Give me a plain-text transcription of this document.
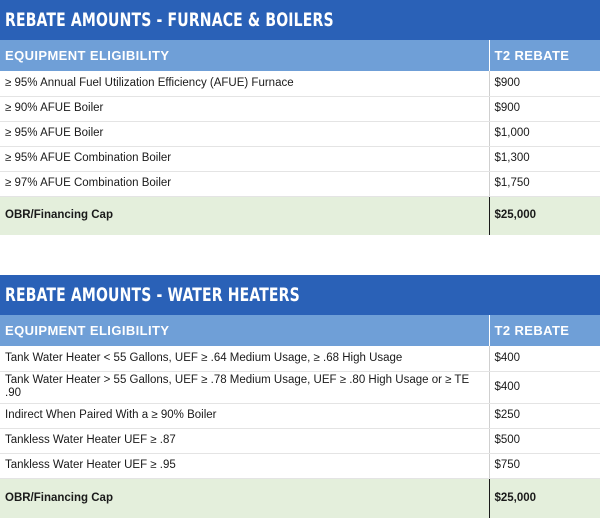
REBATE AMOUNTS - FURNACE & BOILERS
EQUIPMENT ELIGIBILITY	T2 REBATE
≥ 95% Annual Fuel Utilization Efficiency (AFUE) Furnace	$900
≥ 90% AFUE Boiler	$900
≥ 95% AFUE Boiler	$1,000
≥ 95% AFUE Combination Boiler	$1,300
≥ 97% AFUE Combination Boiler	$1,750
OBR/Financing Cap	$25,000
REBATE AMOUNTS - WATER HEATERS
EQUIPMENT ELIGIBILITY	T2 REBATE
Tank Water Heater < 55 Gallons, UEF ≥ .64 Medium Usage, ≥ .68 High Usage	$400
Tank Water Heater > 55 Gallons, UEF ≥ .78 Medium Usage, UEF ≥ .80 High Usage or ≥ TE .90	$400
Indirect When Paired With a ≥ 90% Boiler	$250
Tankless Water Heater UEF ≥ .87	$500
Tankless Water Heater UEF ≥ .95	$750
OBR/Financing Cap	$25,000
